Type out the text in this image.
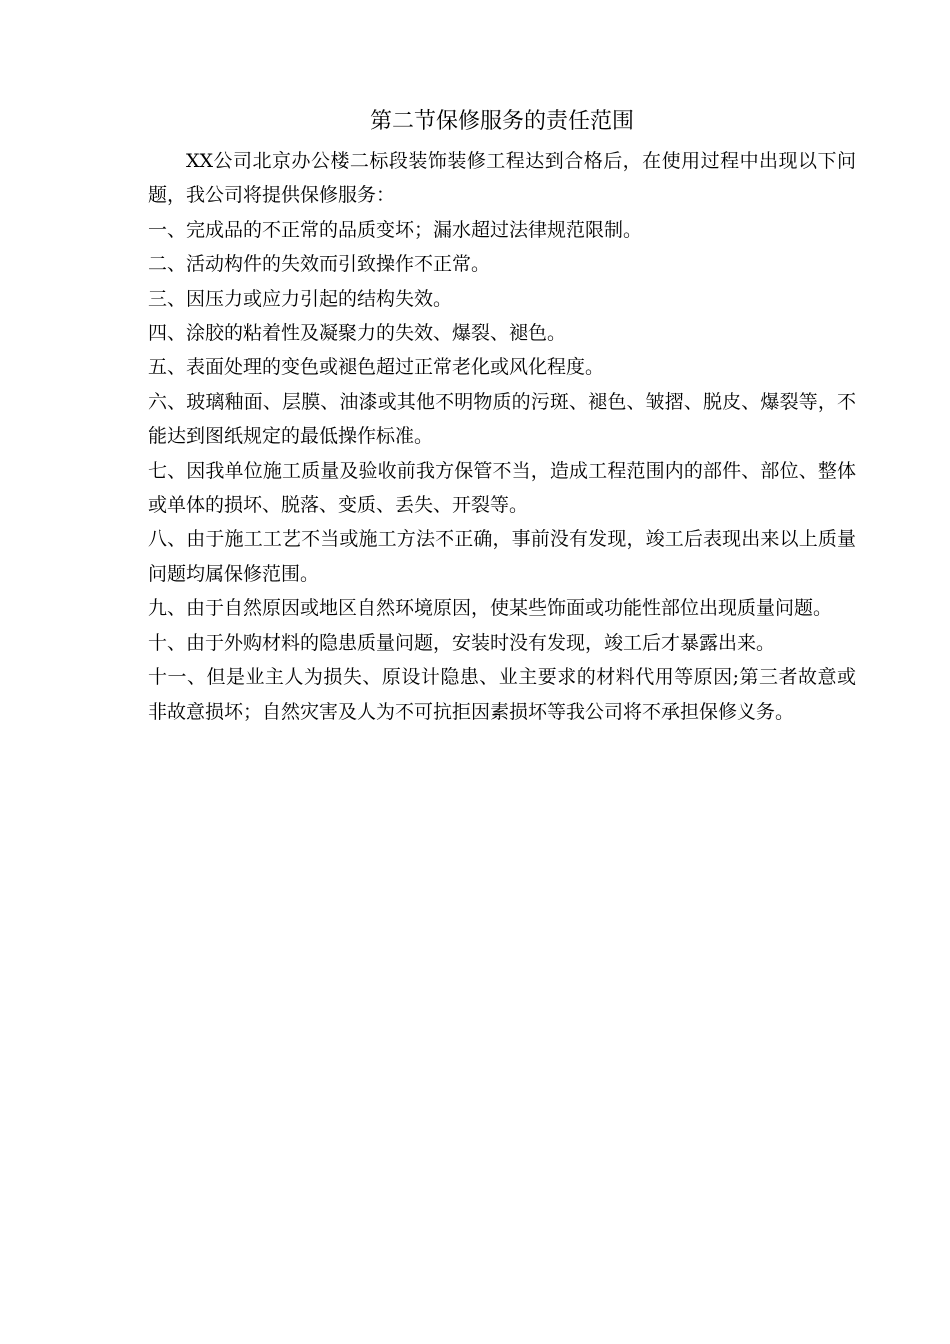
第二节保修服务的责任范围

XX公司北京办公楼二标段装饰装修工程达到合格后，在使用过程中出现以下问题，我公司将提供保修服务：

一、完成品的不正常的品质变坏；漏水超过法律规范限制。

二、活动构件的失效而引致操作不正常。

三、因压力或应力引起的结构失效。

四、涂胶的粘着性及凝聚力的失效、爆裂、褪色。

五、表面处理的变色或褪色超过正常老化或风化程度。

六、玻璃釉面、层膜、油漆或其他不明物质的污斑、褪色、皱摺、脱皮、爆裂等，不能达到图纸规定的最低操作标准。

七、因我单位施工质量及验收前我方保管不当，造成工程范围内的部件、部位、整体或单体的损坏、脱落、变质、丢失、开裂等。

八、由于施工工艺不当或施工方法不正确，事前没有发现，竣工后表现出来以上质量问题均属保修范围。

九、由于自然原因或地区自然环境原因，使某些饰面或功能性部位出现质量问题。

十、由于外购材料的隐患质量问题，安装时没有发现，竣工后才暴露出来。

十一、但是业主人为损失、原设计隐患、业主要求的材料代用等原因;第三者故意或非故意损坏；自然灾害及人为不可抗拒因素损坏等我公司将不承担保修义务。
